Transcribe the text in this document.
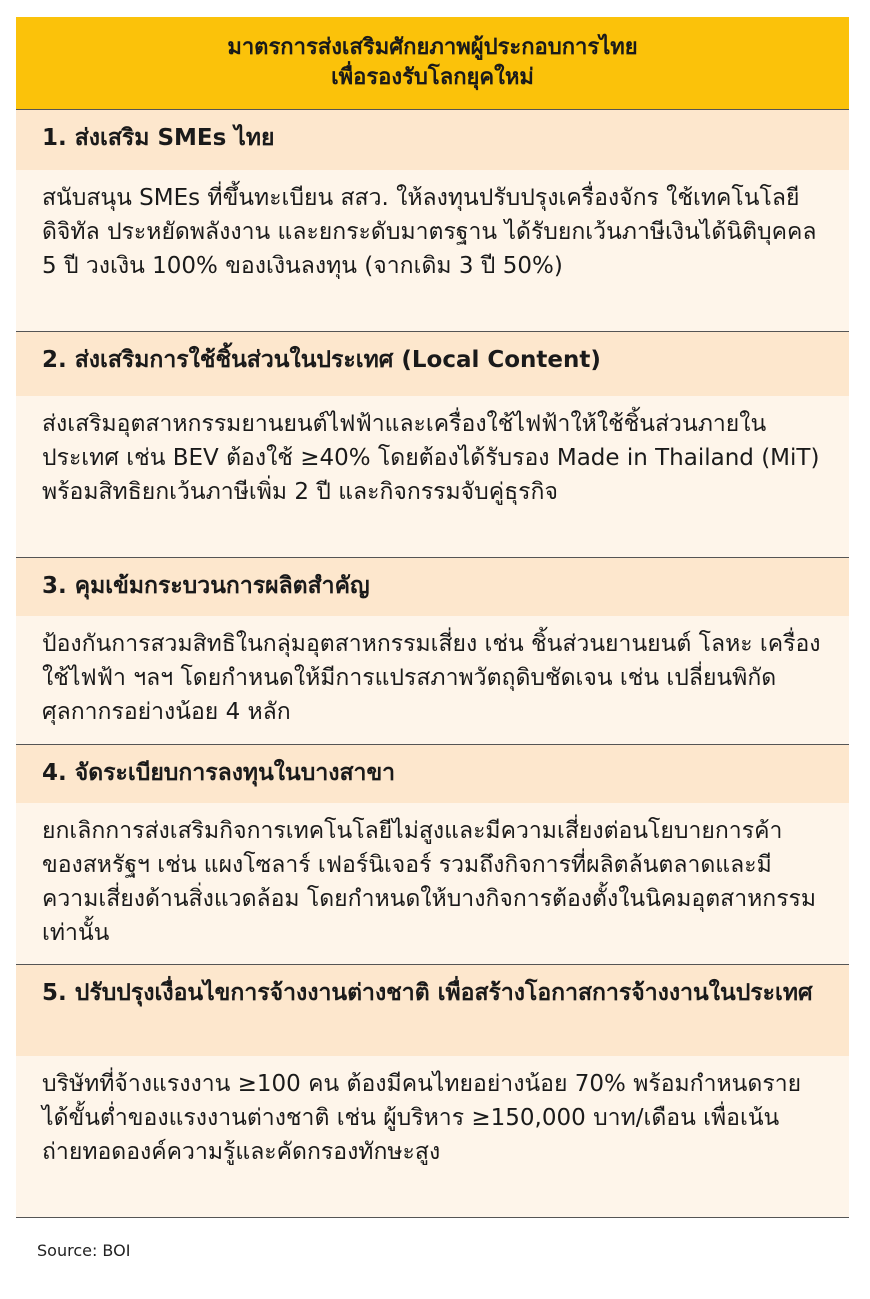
มาตรการส่งเสริมศักยภาพผู้ประกอบการไทย
เพื่อรองรับโลกยุคใหม่
1. ส่งเสริม SMEs ไทย
สนับสนุน SMEs ที่ขึ้นทะเบียน สสว. ให้ลงทุนปรับปรุงเครื่องจักร ใช้เทคโนโลยีดิจิทัล ประหยัดพลังงาน และยกระดับมาตรฐาน ได้รับยกเว้นภาษีเงินได้นิติบุคคล 5 ปี วงเงิน 100% ของเงินลงทุน (จากเดิม 3 ปี 50%)
2. ส่งเสริมการใช้ชิ้นส่วนในประเทศ (Local Content)
ส่งเสริมอุตสาหกรรมยานยนต์ไฟฟ้าและเครื่องใช้ไฟฟ้าให้ใช้ชิ้นส่วนภายในประเทศ เช่น BEV ต้องใช้ ≥40% โดยต้องได้รับรอง Made in Thailand (MiT) พร้อมสิทธิยกเว้นภาษีเพิ่ม 2 ปี และกิจกรรมจับคู่ธุรกิจ
3. คุมเข้มกระบวนการผลิตสำคัญ
ป้องกันการสวมสิทธิในกลุ่มอุตสาหกรรมเสี่ยง เช่น ชิ้นส่วนยานยนต์ โลหะ เครื่องใช้ไฟฟ้า ฯลฯ โดยกำหนดให้มีการแปรสภาพวัตถุดิบชัดเจน เช่น เปลี่ยนพิกัดศุลกากรอย่างน้อย 4 หลัก
4. จัดระเบียบการลงทุนในบางสาขา
ยกเลิกการส่งเสริมกิจการเทคโนโลยีไม่สูงและมีความเสี่ยงต่อนโยบายการค้าของสหรัฐฯ เช่น แผงโซลาร์ เฟอร์นิเจอร์ รวมถึงกิจการที่ผลิตล้นตลาดและมีความเสี่ยงด้านสิ่งแวดล้อม โดยกำหนดให้บางกิจการต้องตั้งในนิคมอุตสาหกรรมเท่านั้น
5. ปรับปรุงเงื่อนไขการจ้างงานต่างชาติ เพื่อสร้างโอกาสการจ้างงานในประเทศ
บริษัทที่จ้างแรงงาน ≥100 คน ต้องมีคนไทยอย่างน้อย 70% พร้อมกำหนดรายได้ขั้นต่ำของแรงงานต่างชาติ เช่น ผู้บริหาร ≥150,000 บาท/เดือน เพื่อเน้นถ่ายทอดองค์ความรู้และคัดกรองทักษะสูง
Source: BOI
